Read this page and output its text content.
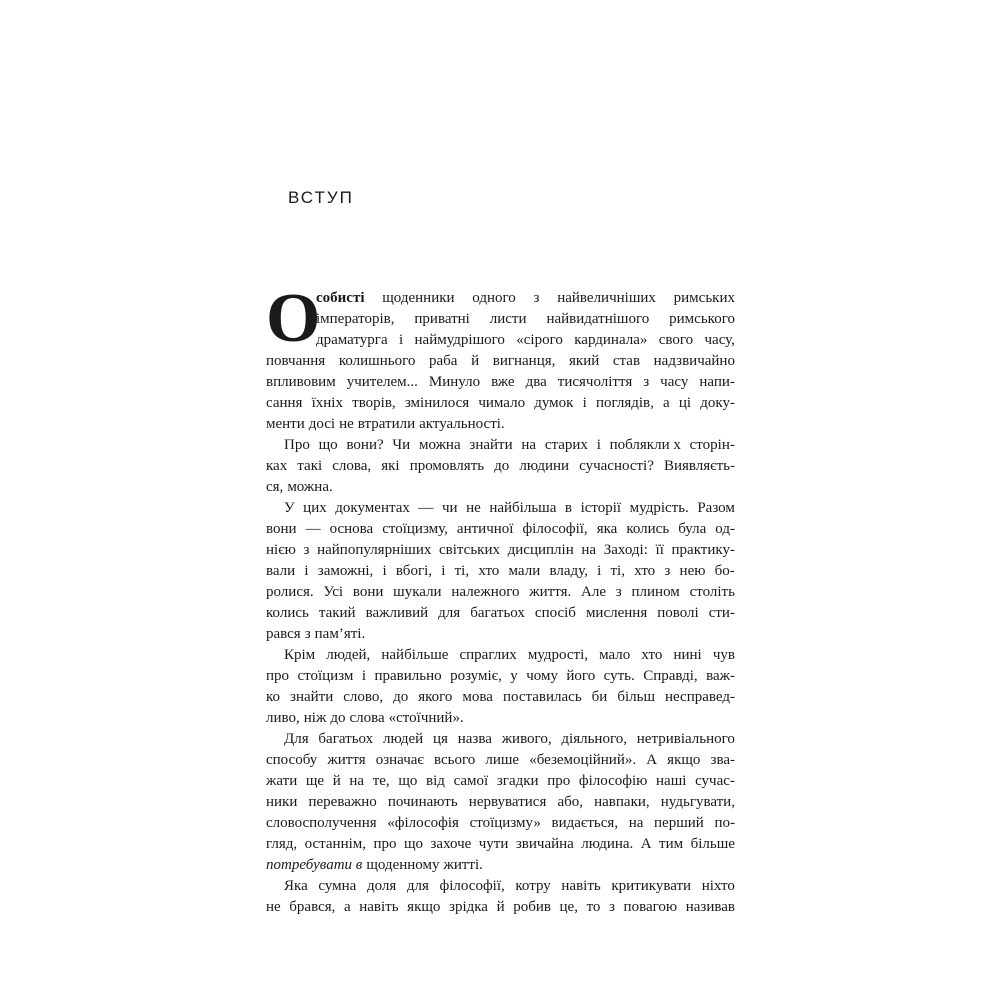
ВСТУП
О
собисті щоденники одного з найвеличніших римських
імператорів, приватні листи найвидатнішого римського
драматурга і наймудрішого «сірого кардинала» свого часу,
повчання колишнього раба й вигнанця, який став надзвичайно
впливовим учителем... Минуло вже два тисячоліття з часу напи-
сання їхніх творів, змінилося чимало думок і поглядів, а ці доку-
менти досі не втратили актуальності.
Про що вони? Чи можна знайти на старих і поблякли х сторін-
ках такі слова, які промовлять до людини сучасності? Виявляєть-
ся, можна.
У цих документах — чи не найбільша в історії мудрість. Разом
вони — основа стоїцизму, античної філософії, яка колись була од-
нією з найпопулярніших світських дисциплін на Заході: її практику-
вали і заможні, і вбогі, і ті, хто мали владу, і ті, хто з нею бо-
ролися. Усі вони шукали належного життя. Але з плином століть
колись такий важливий для багатьох спосіб мислення поволі сти-
рався з пам’яті.
Крім людей, найбільше спраглих мудрості, мало хто нині чув
про стоїцизм і правильно розуміє, у чому його суть. Справді, важ-
ко знайти слово, до якого мова поставилась би більш несправед-
ливо, ніж до слова «стоїчний».
Для багатьох людей ця назва живого, діяльного, нетривіального
способу життя означає всього лише «беземоційний». А якщо зва-
жати ще й на те, що від самої згадки про філософію наші сучас-
ники переважно починають нервуватися або, навпаки, нудьгувати,
словосполучення «філософія стоїцизму» видається, на перший по-
гляд, останнім, про що захоче чути звичайна людина. А тим більше
потребувати в щоденному житті.
Яка сумна доля для філософії, котру навіть критикувати ніхто
не брався, а навіть якщо зрідка й робив це, то з повагою називав
